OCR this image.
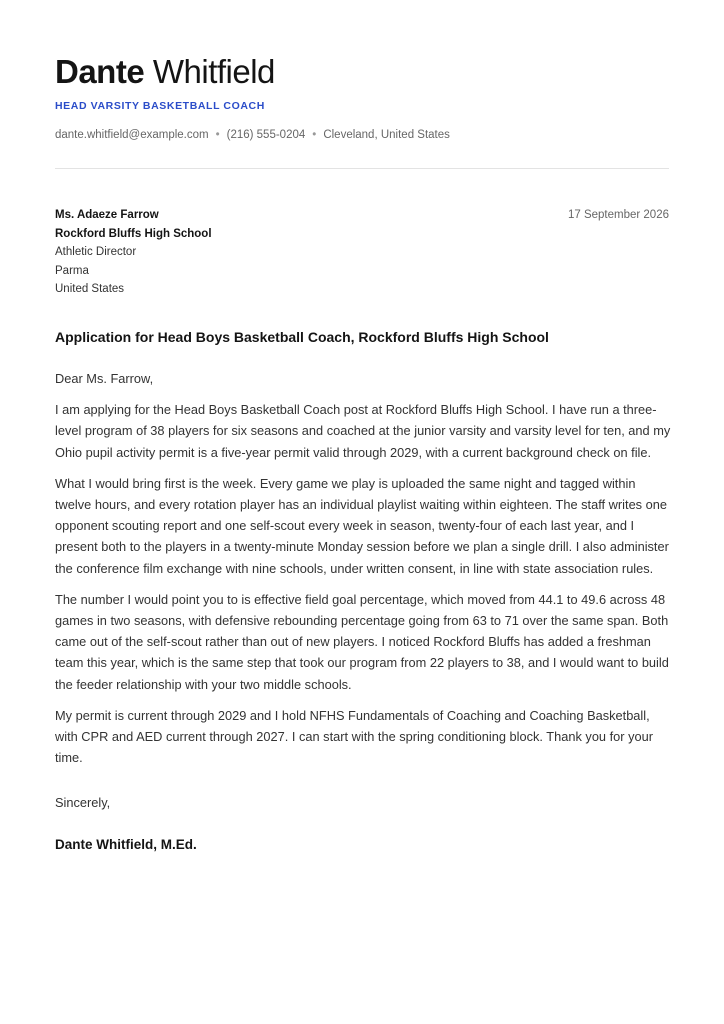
Dante Whitfield
HEAD VARSITY BASKETBALL COACH
dante.whitfield@example.com • (216) 555-0204 • Cleveland, United States
Ms. Adaeze Farrow
Rockford Bluffs High School
Athletic Director
Parma
United States
17 September 2026
Application for Head Boys Basketball Coach, Rockford Bluffs High School

Dear Ms. Farrow,

I am applying for the Head Boys Basketball Coach post at Rockford Bluffs High School. I have run a three-level program of 38 players for six seasons and coached at the junior varsity and varsity level for ten, and my Ohio pupil activity permit is a five-year permit valid through 2029, with a current background check on file.

What I would bring first is the week. Every game we play is uploaded the same night and tagged within twelve hours, and every rotation player has an individual playlist waiting within eighteen. The staff writes one opponent scouting report and one self-scout every week in season, twenty-four of each last year, and I present both to the players in a twenty-minute Monday session before we plan a single drill. I also administer the conference film exchange with nine schools, under written consent, in line with state association rules.

The number I would point you to is effective field goal percentage, which moved from 44.1 to 49.6 across 48 games in two seasons, with defensive rebounding percentage going from 63 to 71 over the same span. Both came out of the self-scout rather than out of new players. I noticed Rockford Bluffs has added a freshman team this year, which is the same step that took our program from 22 players to 38, and I would want to build the feeder relationship with your two middle schools.

My permit is current through 2029 and I hold NFHS Fundamentals of Coaching and Coaching Basketball, with CPR and AED current through 2027. I can start with the spring conditioning block. Thank you for your time.

Sincerely,
Dante Whitfield, M.Ed.
